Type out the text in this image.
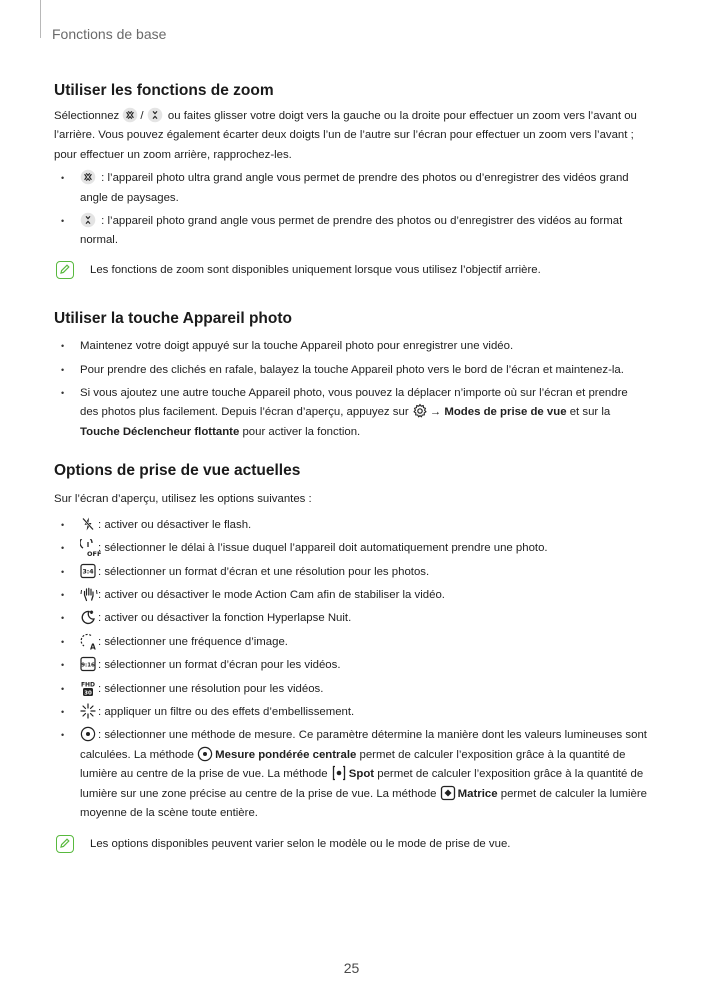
Fonctions de base
Utiliser les fonctions de zoom

Sélectionnez / ou faites glisser votre doigt vers la gauche ou la droite pour effectuer un zoom vers l’avant ou l’arrière. Vous pouvez également écarter deux doigts l’un de l’autre sur l’écran pour effectuer un zoom vers l’avant ; pour effectuer un zoom arrière, rapprochez-les.

• : l’appareil photo ultra grand angle vous permet de prendre des photos ou d’enregistrer des vidéos grand angle de paysages.
• : l’appareil photo grand angle vous permet de prendre des photos ou d’enregistrer des vidéos au format normal.
Les fonctions de zoom sont disponibles uniquement lorsque vous utilisez l’objectif arrière.
Utiliser la touche Appareil photo
• Maintenez votre doigt appuyé sur la touche Appareil photo pour enregistrer une vidéo.
• Pour prendre des clichés en rafale, balayez la touche Appareil photo vers le bord de l’écran et maintenez-la.
• Si vous ajoutez une autre touche Appareil photo, vous pouvez la déplacer n’importe où sur l’écran et prendre des photos plus facilement. Depuis l’écran d’aperçu, appuyez sur → Modes de prise de vue et sur la Touche Déclencheur flottante pour activer la fonction.
Options de prise de vue actuelles

Sur l’écran d’aperçu, utilisez les options suivantes :

• : activer ou désactiver le flash.
• OFF
: sélectionner le délai à l’issue duquel l’appareil doit automatiquement prendre une photo.
• 3:4 : sélectionner un format d’écran et une résolution pour les photos.
• : activer ou désactiver le mode Action Cam afin de stabiliser la vidéo.
• : activer ou désactiver la fonction Hyperlapse Nuit.
• A : sélectionner une fréquence d’image.
• 9:16 : sélectionner un format d’écran pour les vidéos.
• FHD
30 : sélectionner une résolution pour les vidéos.
• : appliquer un filtre ou des effets d’embellissement.
• : sélectionner une méthode de mesure. Ce paramètre détermine la manière dont les valeurs lumineuses sont calculées. La méthode Mesure pondérée centrale permet de calculer l’exposition grâce à la quantité de lumière au centre de la prise de vue. La méthode Spot permet de calculer l’exposition grâce à la quantité de lumière sur une zone précise au centre de la prise de vue. La méthode Matrice permet de calculer la lumière moyenne de la scène toute entière.
Les options disponibles peuvent varier selon le modèle ou le mode de prise de vue.
25
